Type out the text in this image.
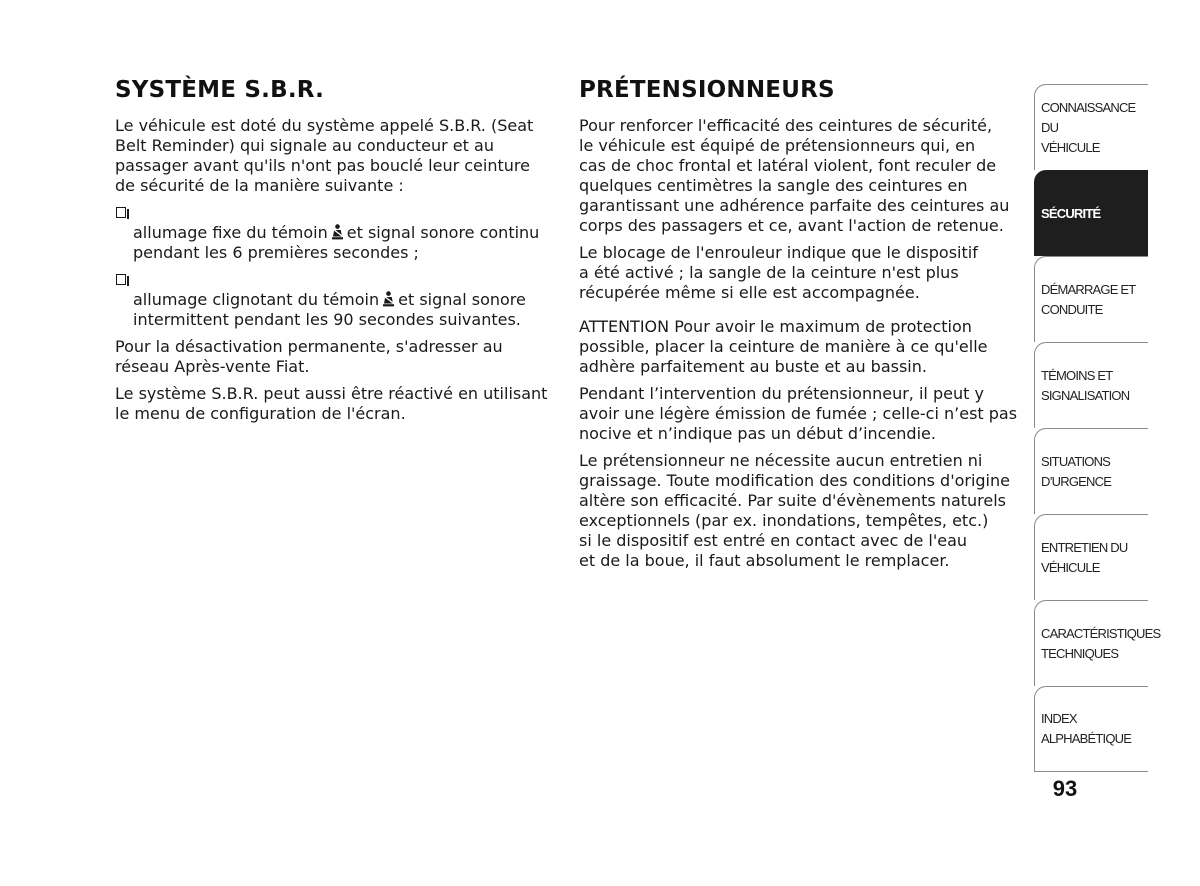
SYSTÈME S.B.R.

Le véhicule est doté du système appelé S.B.R. (Seat
Belt Reminder) qui signale au conducteur et au
passager avant qu'ils n'ont pas bouclé leur ceinture
de sécurité de la manière suivante :

allumage fixe du témoin et signal sonore continu
pendant les 6 premières secondes ;

allumage clignotant du témoin et signal sonore
intermittent pendant les 90 secondes suivantes.

Pour la désactivation permanente, s'adresser au
réseau Après-vente Fiat.

Le système S.B.R. peut aussi être réactivé en utilisant
le menu de configuration de l'écran.

PRÉTENSIONNEURS

Pour renforcer l'efficacité des ceintures de sécurité,
le véhicule est équipé de prétensionneurs qui, en
cas de choc frontal et latéral violent, font reculer de
quelques centimètres la sangle des ceintures en
garantissant une adhérence parfaite des ceintures au
corps des passagers et ce, avant l'action de retenue.

Le blocage de l'enrouleur indique que le dispositif
a été activé ; la sangle de la ceinture n'est plus
récupérée même si elle est accompagnée.

ATTENTION Pour avoir le maximum de protection
possible, placer la ceinture de manière à ce qu'elle
adhère parfaitement au buste et au bassin.

Pendant l’intervention du prétensionneur, il peut y
avoir une légère émission de fumée ; celle-ci n’est pas
nocive et n’indique pas un début d’incendie.

Le prétensionneur ne nécessite aucun entretien ni
graissage. Toute modification des conditions d'origine
altère son efficacité. Par suite d'évènements naturels
exceptionnels (par ex. inondations, tempêtes, etc.)
si le dispositif est entré en contact avec de l'eau
et de la boue, il faut absolument le remplacer.

CONNAISSANCE DU
VÉHICULE
SÉCURITÉ
DÉMARRAGE ET
CONDUITE
TÉMOINS ET
SIGNALISATION
SITUATIONS
D’URGENCE
ENTRETIEN DU
VÉHICULE
CARACTÉRISTIQUES
TECHNIQUES
INDEX
ALPHABÉTIQUE
93
